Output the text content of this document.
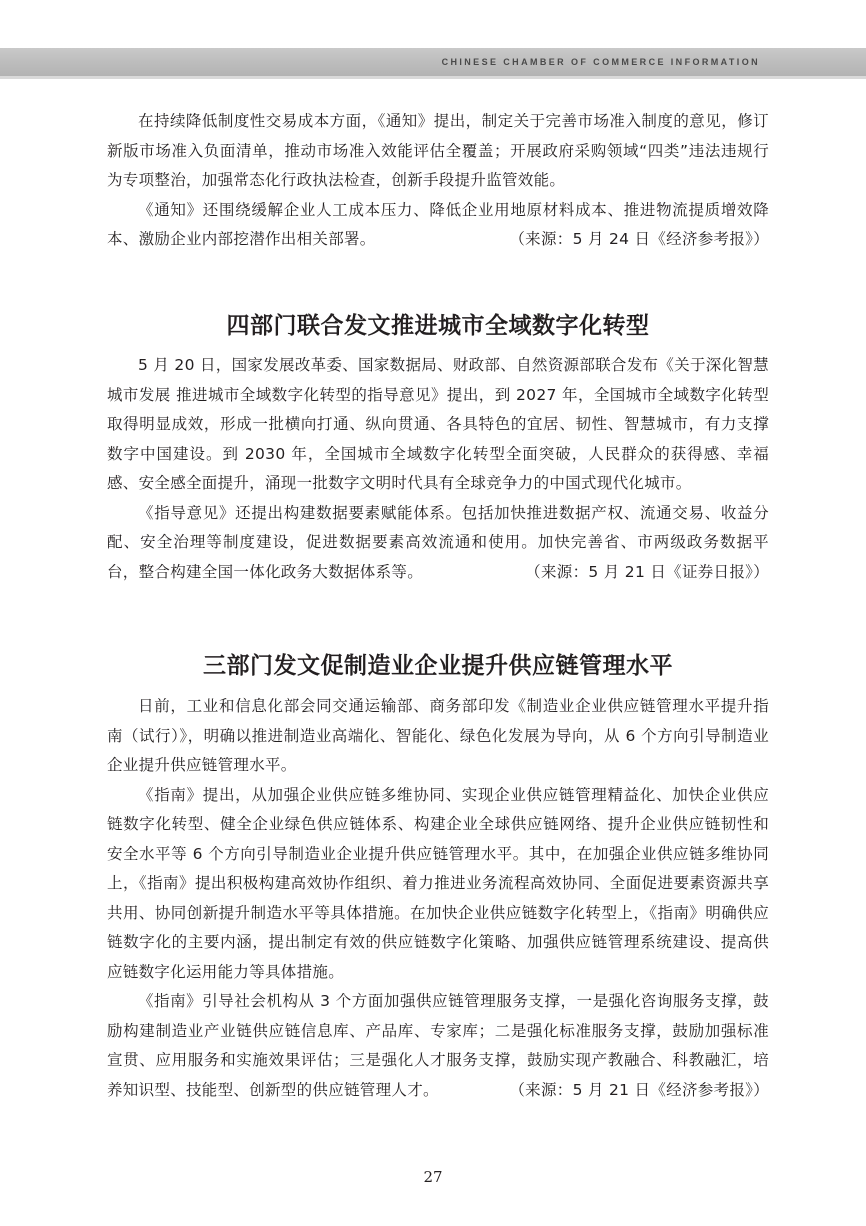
CHINESE CHAMBER OF COMMERCE INFORMATION

在持续降低制度性交易成本方面，《通知》提出，制定关于完善市场准入制度的意见，修订新版市场准入负面清单，推动市场准入效能评估全覆盖；开展政府采购领域“四类”违法违规行为专项整治，加强常态化行政执法检查，创新手段提升监管效能。

《通知》还围绕缓解企业人工成本压力、降低企业用地原材料成本、推进物流提质增效降本、激励企业内部挖潜作出相关部署。	（来源：5 月 24 日《经济参考报》）

四部门联合发文推进城市全域数字化转型

5 月 20 日，国家发展改革委、国家数据局、财政部、自然资源部联合发布《关于深化智慧城市发展 推进城市全域数字化转型的指导意见》提出，到 2027 年，全国城市全域数字化转型取得明显成效，形成一批横向打通、纵向贯通、各具特色的宜居、韧性、智慧城市，有力支撑数字中国建设。到 2030 年，全国城市全域数字化转型全面突破，人民群众的获得感、幸福感、安全感全面提升，涌现一批数字文明时代具有全球竞争力的中国式现代化城市。

《指导意见》还提出构建数据要素赋能体系。包括加快推进数据产权、流通交易、收益分配、安全治理等制度建设，促进数据要素高效流通和使用。加快完善省、市两级政务数据平台，整合构建全国一体化政务大数据体系等。	（来源：5 月 21 日《证券日报》）

三部门发文促制造业企业提升供应链管理水平

日前，工业和信息化部会同交通运输部、商务部印发《制造业企业供应链管理水平提升指南（试行）》，明确以推进制造业高端化、智能化、绿色化发展为导向，从 6 个方向引导制造业企业提升供应链管理水平。

《指南》提出，从加强企业供应链多维协同、实现企业供应链管理精益化、加快企业供应链数字化转型、健全企业绿色供应链体系、构建企业全球供应链网络、提升企业供应链韧性和安全水平等 6 个方向引导制造业企业提升供应链管理水平。其中，在加强企业供应链多维协同上，《指南》提出积极构建高效协作组织、着力推进业务流程高效协同、全面促进要素资源共享共用、协同创新提升制造水平等具体措施。在加快企业供应链数字化转型上，《指南》明确供应链数字化的主要内涵，提出制定有效的供应链数字化策略、加强供应链管理系统建设、提高供应链数字化运用能力等具体措施。

《指南》引导社会机构从 3 个方面加强供应链管理服务支撑，一是强化咨询服务支撑，鼓励构建制造业产业链供应链信息库、产品库、专家库；二是强化标准服务支撑，鼓励加强标准宣贯、应用服务和实施效果评估；三是强化人才服务支撑，鼓励实现产教融合、科教融汇，培养知识型、技能型、创新型的供应链管理人才。	（来源：5 月 21 日《经济参考报》）

27
